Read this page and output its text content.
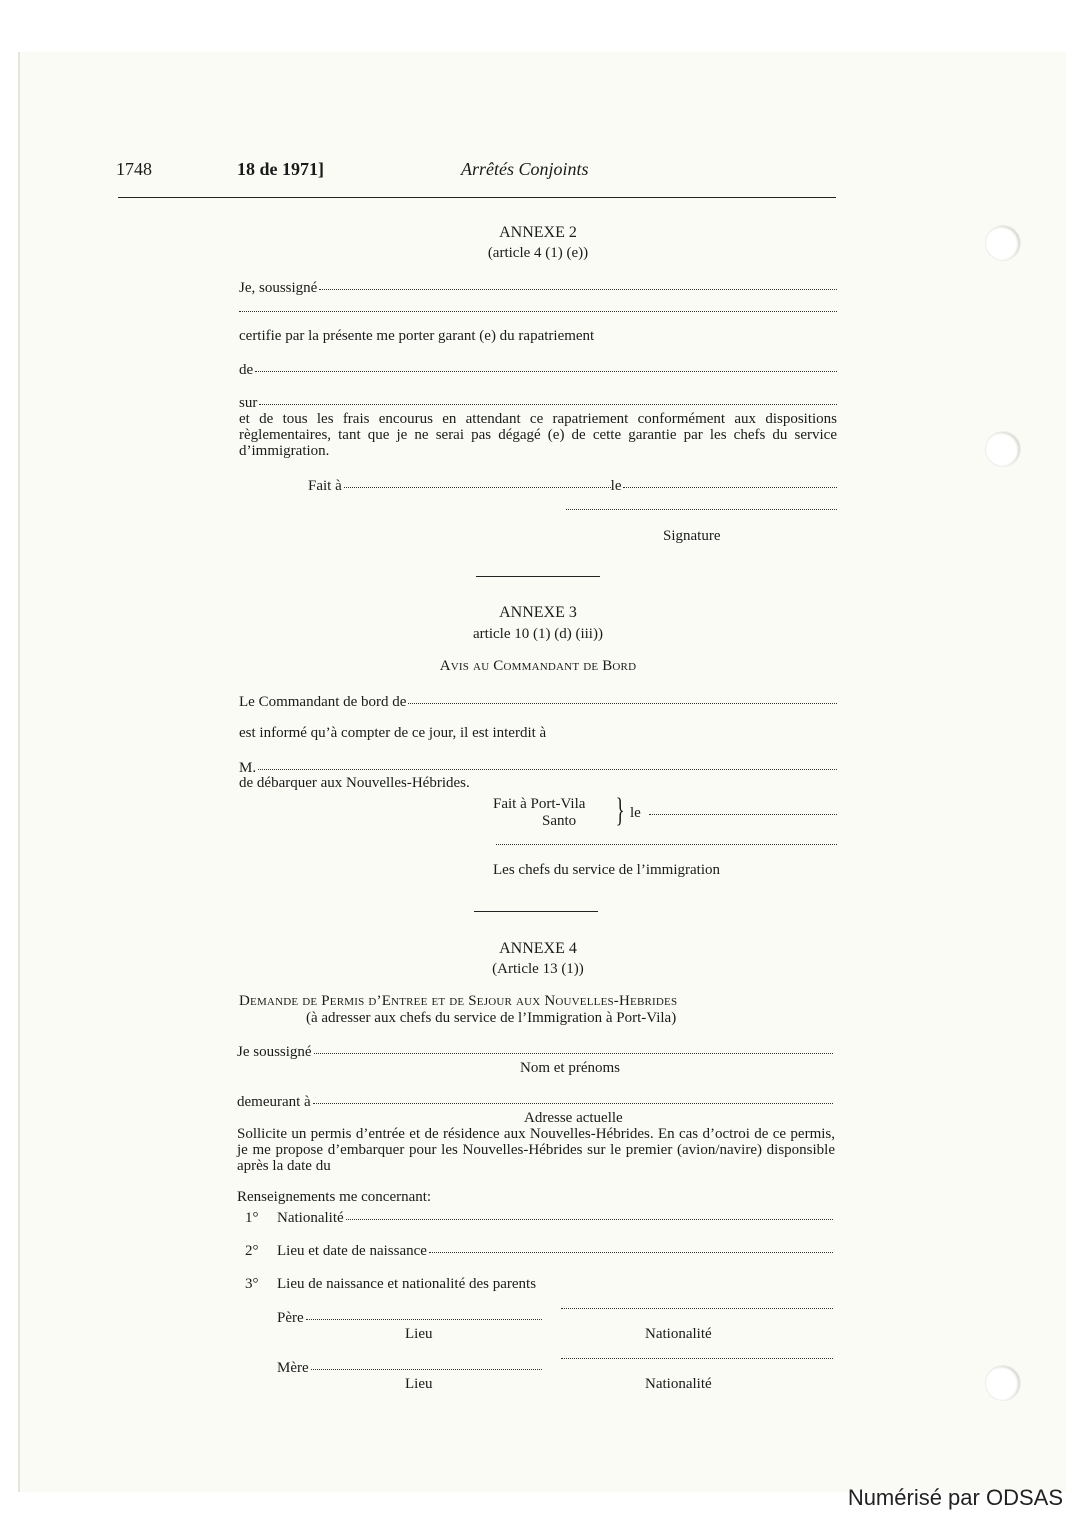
1748	18 de 1971]	Arrêtés Conjoints
ANNEXE 2
(article 4 (1) (e))
Je, soussigné
certifie par la présente me porter garant (e) du rapatriement
de
sur
et de tous les frais encourus en attendant ce rapatriement conformément aux dispositions règlementaires, tant que je ne serai pas dégagé (e) de cette garantie par les chefs du service d’immigration.
Fait à	le
Signature
ANNEXE 3
article 10 (1) (d) (iii))
Avis au Commandant de Bord
Le Commandant de bord de
est informé qu’à compter de ce jour, il est interdit à
M.
de débarquer aux Nouvelles-Hébrides.
Fait à Port-Vila
Santo } le
Les chefs du service de l’immigration
ANNEXE 4
(Article 13 (1))
Demande de Permis d’Entree et de Sejour aux Nouvelles-Hebrides
(à adresser aux chefs du service de l’Immigration à Port-Vila)
Je soussigné
Nom et prénoms
demeurant à
Adresse actuelle
Sollicite un permis d’entrée et de résidence aux Nouvelles-Hébrides. En cas d’octroi de ce permis, je me propose d’embarquer pour les Nouvelles-Hébrides sur le premier (avion/navire) disponsible après la date du
Renseignements me concernant:
1° Nationalité
2° Lieu et date de naissance
3° Lieu de naissance et nationalité des parents
Père
Lieu	Nationalité
Mère
Lieu	Nationalité
Numérisé par ODSAS
